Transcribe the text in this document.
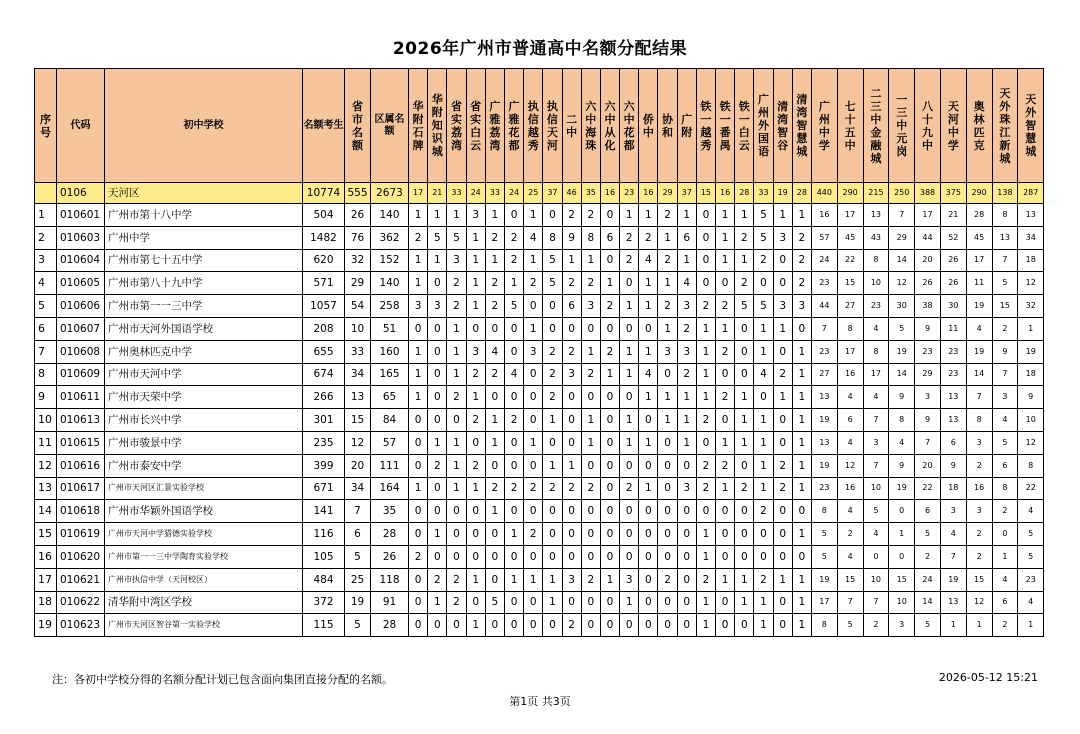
2026年广州市普通高中名额分配结果
序号	代码	初中学校	名额考生	省市名额	区属名额	华附石牌	华附知识城	省实荔湾	省实白云	广雅荔湾	广雅花都	执信越秀	执信天河	二中	六中海珠	六中从化	六中花都	侨中	协和	广附	铁一越秀	铁一番禺	铁一白云	广州外国语	清湾智谷	清湾智慧城	广州中学	七十五中	二三中金融城	一三中元岗	八十九中	天河中学	奥林匹克	天外珠江新城	天外智慧城
	0106	天河区	10774	555	2673	17	21	33	24	33	24	25	37	46	35	16	23	16	29	37	15	16	28	33	19	28	440	290	215	250	388	375	290	138	287
1	010601	广州市第十八中学	504	26	140	1	1	1	3	1	0	1	0	2	2	0	1	1	2	1	0	1	1	5	1	1	16	17	13	7	17	21	28	8	13
2	010603	广州中学	1482	76	362	2	5	5	1	2	2	4	8	9	8	6	2	2	1	6	0	1	2	5	3	2	57	45	43	29	44	52	45	13	34
3	010604	广州市第七十五中学	620	32	152	1	1	3	1	1	2	1	5	1	1	0	2	4	2	1	0	1	1	2	0	2	24	22	8	14	20	26	17	7	18
4	010605	广州市第八十九中学	571	29	140	1	0	2	1	2	1	2	5	2	2	1	0	1	1	4	0	0	2	0	0	2	23	15	10	12	26	26	11	5	12
5	010606	广州市第一一三中学	1057	54	258	3	3	2	1	2	5	0	0	6	3	2	1	1	2	3	2	2	5	5	3	3	44	27	23	30	38	30	19	15	32
6	010607	广州市天河外国语学校	208	10	51	0	0	1	0	0	0	1	0	0	0	0	0	0	1	2	1	1	0	1	1	0	7	8	4	5	9	11	4	2	1
7	010608	广州奥林匹克中学	655	33	160	1	0	1	3	4	0	3	2	2	1	2	1	1	3	3	1	2	0	1	0	1	23	17	8	19	23	23	19	9	19
8	010609	广州市天河中学	674	34	165	1	0	1	2	2	4	0	2	3	2	1	1	4	0	2	1	0	0	4	2	1	27	16	17	14	29	23	14	7	18
9	010611	广州市天荣中学	266	13	65	1	0	2	1	0	0	0	2	0	0	0	0	1	1	1	1	2	1	0	1	1	13	4	4	9	3	13	7	3	9
10	010613	广州市长兴中学	301	15	84	0	0	0	2	1	2	0	1	0	1	0	1	0	1	1	2	0	1	1	0	1	19	6	7	8	9	13	8	4	10
11	010615	广州市骏景中学	235	12	57	0	1	1	0	1	0	1	0	0	1	0	1	1	0	1	0	1	1	1	0	1	13	4	3	4	7	6	3	5	12
12	010616	广州市泰安中学	399	20	111	0	2	1	2	0	0	0	1	1	0	0	0	0	0	0	2	2	0	1	2	1	19	12	7	9	20	9	2	6	8
13	010617	广州市天河区汇景实验学校	671	34	164	1	0	1	1	2	2	2	2	2	2	0	2	1	0	3	2	1	2	1	2	1	23	16	10	19	22	18	16	8	22
14	010618	广州市华颖外国语学校	141	7	35	0	0	0	0	1	0	0	0	0	0	0	0	0	0	0	0	0	0	2	0	0	8	4	5	0	6	3	3	2	4
15	010619	广州市天河中学猎德实验学校	116	6	28	0	1	0	0	0	1	2	0	0	0	0	0	0	0	0	1	0	0	0	0	1	5	2	4	1	5	4	2	0	5
16	010620	广州市第一一三中学陶育实验学校	105	5	26	2	0	0	0	0	0	0	0	0	0	0	0	0	0	0	1	0	0	0	0	0	5	4	0	0	2	7	2	1	5
17	010621	广州市执信中学（天河校区）	484	25	118	0	2	2	1	0	1	1	1	3	2	1	3	0	2	0	2	1	1	2	1	1	19	15	10	15	24	19	15	4	23
18	010622	清华附中湾区学校	372	19	91	0	1	2	0	5	0	0	1	0	0	0	1	0	0	0	1	0	1	1	0	1	17	7	7	10	14	13	12	6	4
19	010623	广州市天河区智谷第一实验学校	115	5	28	0	0	0	1	0	0	0	0	2	0	0	0	0	0	0	1	0	0	1	0	1	8	5	2	3	5	1	1	2	1
注：各初中学校分得的名额分配计划已包含面向集团直接分配的名额。	2026-05-12 15:21
第1页 共3页
